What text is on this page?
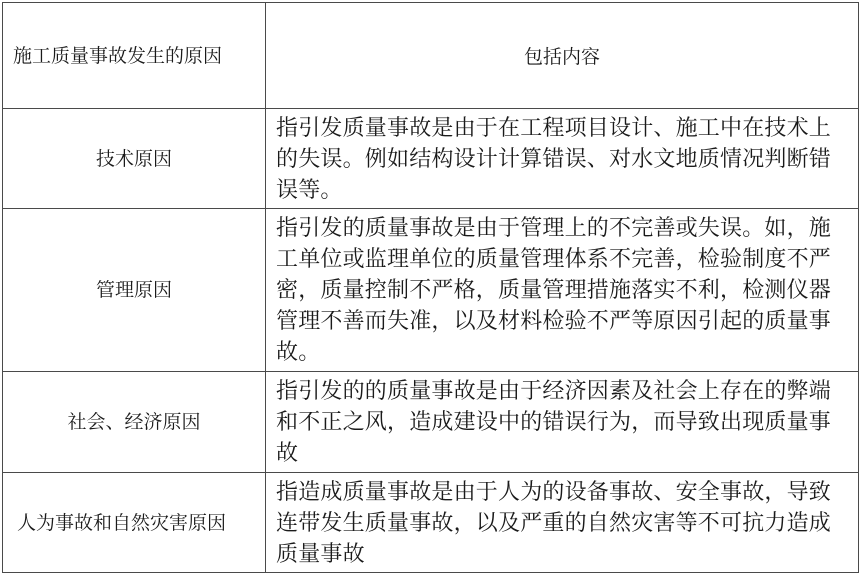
施工质量事故发生的原因	包括内容
技术原因	指引发质量事故是由于在工程项目设计、施工中在技术上的失误。例如结构设计计算错误、对水文地质情况判断错误等。
管理原因	指引发的质量事故是由于管理上的不完善或失误。如，施工单位或监理单位的质量管理体系不完善，检验制度不严密，质量控制不严格，质量管理措施落实不利，检测仪器管理不善而失准，以及材料检验不严等原因引起的质量事故。
社会、经济原因	指引发的的质量事故是由于经济因素及社会上存在的弊端和不正之风，造成建设中的错误行为，而导致出现质量事故
人为事故和自然灾害原因	指造成质量事故是由于人为的设备事故、安全事故，导致连带发生质量事故，以及严重的自然灾害等不可抗力造成质量事故
